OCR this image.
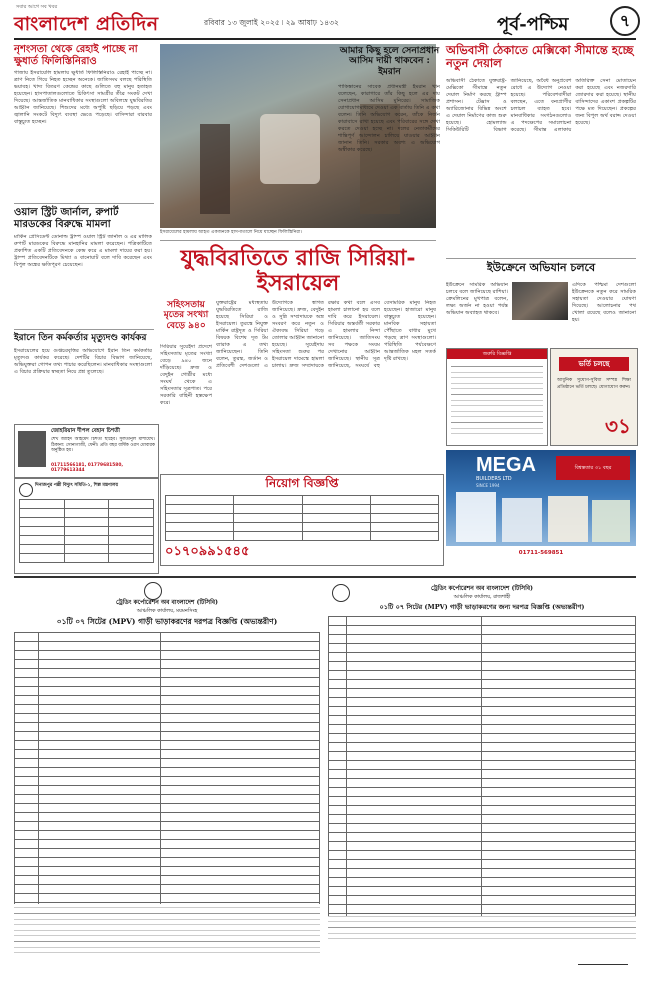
সবার আগে সব খবর
বাংলাদেশ প্রতিদিন	রবিবার ১৩ জুলাই ২০২৫ ৷ ২৯ আষাঢ় ১৪৩২	পূর্ব-পশ্চিম	৭
নৃশংসতা থেকে রেহাই পাচ্ছে না ক্ষুধার্ত ফিলিস্তিনিরাও
গাজায় ইসরায়েলি হামলায় ক্ষুধার্ত ফিলিস্তিনিরাও রেহাই পাচ্ছে না। ত্রাণ নিতে গিয়ে নিহত হচ্ছেন অনেকে। জাতিসংঘ বলছে পরিস্থিতি ভয়াবহ। খাদ্য বিতরণ কেন্দ্রের কাছে গুলিতে বহু মানুষ হতাহত হয়েছেন। হাসপাতালগুলোতে চিকিৎসা সামগ্রীর তীব্র সংকট দেখা দিয়েছে। আন্তর্জাতিক মানবাধিকার সংস্থাগুলো অবিলম্বে যুদ্ধবিরতির আহ্বান জানিয়েছে। শিশুদের মধ্যে অপুষ্টি ছড়িয়ে পড়ছে এবং জ্বালানি সংকটে বিদ্যুৎ ব্যবস্থা ভেঙে পড়েছে। বাসিন্দারা বারবার বাস্তুচ্যুত হচ্ছেন।
ওয়াল স্ট্রিট জার্নাল, রুপার্ট মারডকের বিরুদ্ধে মামলা
মার্কিন প্রেসিডেন্ট ডোনাল্ড ট্রাম্প ওয়াল স্ট্রিট জার্নাল ও এর মালিক রুপার্ট মারডকের বিরুদ্ধে মানহানির মামলা করেছেন। পত্রিকাটিতে প্রকাশিত একটি প্রতিবেদনকে কেন্দ্র করে এ মামলা দায়ের করা হয়। ট্রাম্প প্রতিবেদনটিকে মিথ্যা ও বানোয়াট বলে দাবি করেছেন এবং বিপুল অঙ্কের ক্ষতিপূরণ চেয়েছেন।
ইরানে তিন কর্মকর্তার মৃত্যুদণ্ড কার্যকর
ইসরায়েলের হয়ে গুপ্তচরবৃত্তির অভিযোগে ইরান তিন কর্মকর্তার মৃত্যুদণ্ড কার্যকর করেছে। দেশটির বিচার বিভাগ জানিয়েছে, অভিযুক্তরা গোপন তথ্য পাচার করেছিলেন। মানবাধিকার সংস্থাগুলো এ বিচার প্রক্রিয়ার স্বচ্ছতা নিয়ে প্রশ্ন তুলেছে।
জোহরিয়ান দীপল বেহান চিশতী
শেখ জাহিদ আহমেদ চিশতী ছাহেব। সুলতানুল মাশায়েখ। ঠিকানা: সোনাগাজী, ফেনী। প্রতি বছর বার্ষিক ওরস মোবারক অনুষ্ঠিত হয়।
01711566181, 01779681580, 01779613344
দিনাজপুর পল্লী বিদ্যুৎ সমিতি-১, শিল্প মন্ত্রণালয়

ইসরায়েলের হামলায় আহত একজনকে হাসপাতালে নিয়ে যাচ্ছেন ফিলিস্তিনিরা।
আমার কিছু হলে সেনাপ্রধান আসিম দায়ী থাকবেন : ইমরান
পাকিস্তানের সাবেক প্রধানমন্ত্রী ইমরান খান বলেছেন, কারাগারে তাঁর কিছু হলে এর দায় সেনাপ্রধান আসিম মুনিরের। সামাজিক যোগাযোগমাধ্যমে দেওয়া এক বার্তায় তিনি এ কথা বলেন। তিনি অভিযোগ করেন, তাঁকে নির্জন কারাবাসে রাখা হয়েছে এবং পরিবারের সঙ্গে দেখা করতে দেওয়া হচ্ছে না। দলের নেতাকর্মীদের শান্তিপূর্ণ আন্দোলন চালিয়ে যাওয়ার আহ্বান জানান তিনি। সরকার অবশ্য এ অভিযোগ অস্বীকার করেছে।
অভিবাসী ঠেকাতে মেক্সিকো সীমান্তে হচ্ছে নতুন দেয়াল
অভিবাসী ঠেকাতে যুক্তরাষ্ট্র-মেক্সিকো সীমান্তে নতুন দেয়াল নির্মাণ করছে ট্রাম্প প্রশাসন। টেক্সাস ও অ্যারিজোনার বিভিন্ন অংশে এ দেয়াল নির্মাণের কাজ শুরু হয়েছে। হোমল্যান্ড সিকিউরিটি বিভাগ জানিয়েছে, অবৈধ অনুপ্রবেশ রোধে এ উদ্যোগ নেওয়া হয়েছে। পরিবেশবাদীরা বলছেন, এতে বন্যপ্রাণীর চলাচল ব্যাহত হবে। মানবাধিকার সংগঠনগুলোও এ পদক্ষেপের সমালোচনা করেছে। সীমান্ত এলাকায় অতিরিক্ত সেনা মোতায়েন করা হয়েছে এবং নজরদারি জোরদার করা হয়েছে। স্থানীয় বাসিন্দাদের একাংশ প্রকল্পটির পক্ষে মত দিয়েছেন। প্রকল্পের জন্য বিপুল অর্থ বরাদ্দ দেওয়া হয়েছে।
ইউক্রেনে অভিযান চলবে
ইউক্রেনে সামরিক অভিযান চলবে বলে জানিয়েছে রাশিয়া। ক্রেমলিনের মুখপাত্র বলেন, লক্ষ্য অর্জন না হওয়া পর্যন্ত অভিযান অব্যাহত থাকবে।
এদিকে পশ্চিমা দেশগুলো ইউক্রেনকে নতুন করে সামরিক সহায়তা দেওয়ার ঘোষণা দিয়েছে। আলোচনার পথ খোলা রয়েছে বলেও জানানো হয়।
জরুরি বিজ্ঞপ্তি
ভর্তি চলছে
আধুনিক সুযোগ-সুবিধা সম্পন্ন শিক্ষা প্রতিষ্ঠানে ভর্তি চলছে। যোগাযোগ করুন।
৩১
যুদ্ধবিরতিতে রাজি সিরিয়া-ইসরায়েল
সহিংসতায় মৃতের সংখ্যা বেড়ে ৯৪০
সিরিয়ার সুয়েইদা প্রদেশে সহিংসতায় মৃতের সংখ্যা বেড়ে ৯৪০ জনে দাঁড়িয়েছে। দ্রুজ ও বেদুইন গোষ্ঠীর মধ্যে সংঘর্ষ থেকে এ সহিংসতার সূত্রপাত। পরে সরকারি বাহিনী হস্তক্ষেপ করে।
যুক্তরাষ্ট্রের মধ্যস্থতায় যুদ্ধবিরতিতে রাজি হয়েছে সিরিয়া ও ইসরায়েল। তুরস্কে নিযুক্ত মার্কিন রাষ্ট্রদূত ও সিরিয়া বিষয়ক বিশেষ দূত টম ব্যারাক এ তথ্য জানিয়েছেন। তিনি বলেন, তুরস্ক, জর্ডান ও প্রতিবেশী দেশগুলো এ উদ্যোগকে স্বাগত জানিয়েছে। দ্রুজ, বেদুইন ও সুন্নি সম্প্রদায়কে অস্ত্র সংবরণ করে নতুন ও ঐক্যবদ্ধ সিরিয়া গড়ে তোলার আহ্বান জানানো হয়েছে। সুয়েইদায় সহিংসতা শুরুর পর ইসরায়েল দামেস্কে হামলা চালায়। দ্রুজ সম্প্রদায়কে রক্ষার কথা বলে এসব হামলা চালানো হয় বলে দাবি করে ইসরায়েল। সিরিয়ার অন্তর্বর্তী সরকার এ হামলার নিন্দা জানিয়েছে। জাতিসংঘ সব পক্ষকে সংযম দেখানোর আহ্বান জানিয়েছে। স্থানীয় সূত্র জানিয়েছে, সংঘর্ষে বহু বেসামরিক মানুষ নিহত হয়েছেন। হাজারো মানুষ বাস্তুচ্যুত হয়েছেন। মানবিক সহায়তা পৌঁছাতে বাধার মুখে পড়ছে ত্রাণ সংস্থাগুলো। পরিস্থিতি পর্যবেক্ষণে আন্তর্জাতিক মহল সতর্ক দৃষ্টি রাখছে।
MEGA
BUILDERS LTD
SINCE 1994
বিশ্বস্ততার ৩১ বছর
01711-569851
নিয়োগ বিজ্ঞপ্তি

০১৭০৯৯১৫৪৫
ট্রেডিং কর্পোরেশন অব বাংলাদেশ (টিসিবি)
আঞ্চলিক কার্যালয়, ময়মনসিংহ
০১টি ০৭ সিটের (MPV) গাড়ী ভাড়াকরণের দরপত্র বিজ্ঞপ্তি (অভ্যন্তরীণ)

ট্রেডিং কর্পোরেশন অব বাংলাদেশ (টিসিবি)
আঞ্চলিক কার্যালয়, রাজশাহী
০১টি ০৭ সিটের (MPV) গাড়ী ভাড়াকরণের জন্য দরপত্র বিজ্ঞপ্তি (অভ্যন্তরীণ)
